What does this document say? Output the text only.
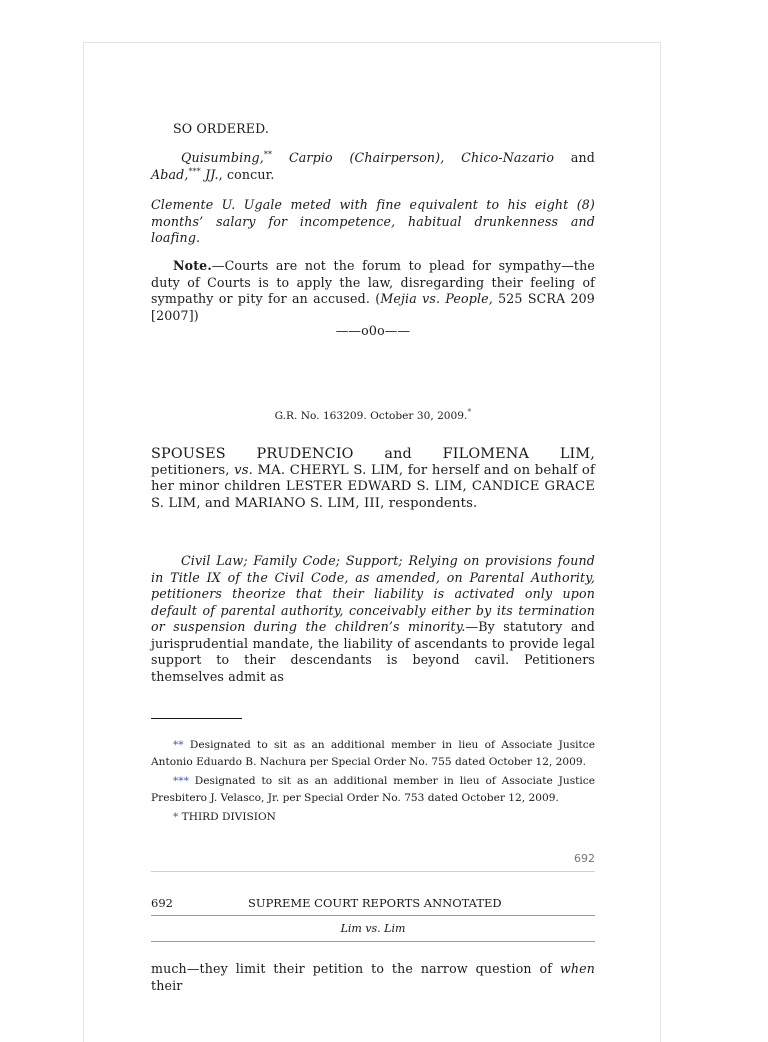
SO ORDERED.

Quisumbing,** Carpio (Chairperson), Chico-Nazario and Abad,*** JJ., concur.

Clemente U. Ugale meted with fine equivalent to his eight (8) months’ salary for incompetence, habitual drunkenness and loafing.

Note.—Courts are not the forum to plead for sympathy—the duty of Courts is to apply the law, disregarding their feeling of sympathy or pity for an accused. (Mejia vs. People, 525 SCRA 209 [2007])

——o0o——

G.R. No. 163209. October 30, 2009.*

SPOUSES PRUDENCIO and FILOMENA LIM,

petitioners, vs. MA. CHERYL S. LIM, for herself and on behalf of her minor children LESTER EDWARD S. LIM, CANDICE GRACE S. LIM, and MARIANO S. LIM, III, respondents.

Civil Law; Family Code; Support; Relying on provisions found in Title IX of the Civil Code, as amended, on Parental Authority, petitioners theorize that their liability is activated only upon default of parental authority, conceivably either by its termination or suspension during the children’s minority.—By statutory and jurisprudential mandate, the liability of ascendants to provide legal support to their descendants is beyond cavil. Petitioners themselves admit as

** Designated to sit as an additional member in lieu of Associate Jusitce Antonio Eduardo B. Nachura per Special Order No. 755 dated October 12, 2009.

*** Designated to sit as an additional member in lieu of Associate Justice Presbitero J. Velasco, Jr. per Special Order No. 753 dated October 12, 2009.

* THIRD DIVISION

692
692	SUPREME COURT REPORTS ANNOTATED
Lim vs. Lim

much—they limit their petition to the narrow question of when their
